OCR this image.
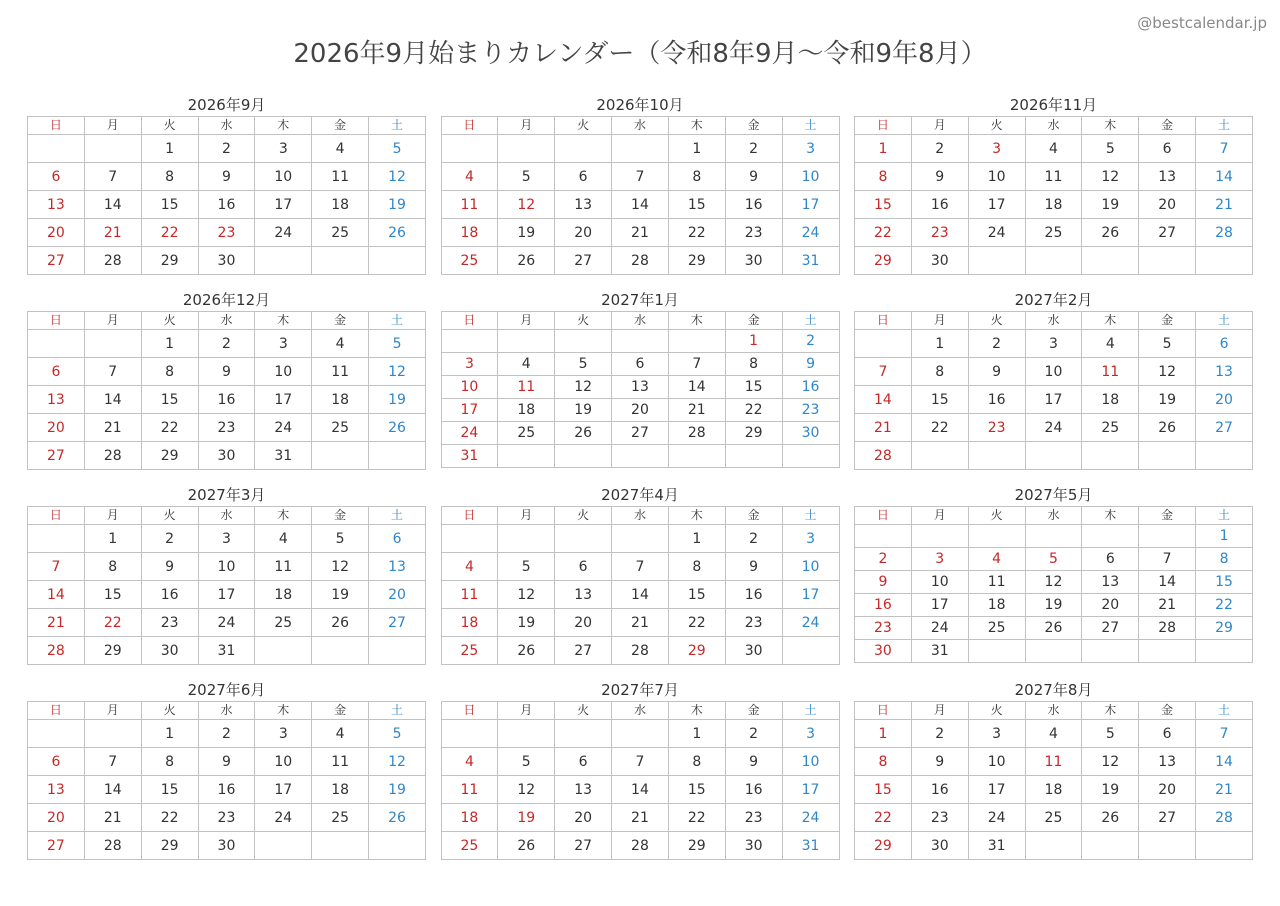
@bestcalendar.jp
2026年9月始まりカレンダー（令和8年9月〜令和9年8月）
2026年9月
日	月	火	水	木	金	土
		1	2	3	4	5
6	7	8	9	10	11	12
13	14	15	16	17	18	19
20	21	22	23	24	25	26
27	28	29	30			
2026年10月
日	月	火	水	木	金	土
				1	2	3
4	5	6	7	8	9	10
11	12	13	14	15	16	17
18	19	20	21	22	23	24
25	26	27	28	29	30	31
2026年11月
日	月	火	水	木	金	土
1	2	3	4	5	6	7
8	9	10	11	12	13	14
15	16	17	18	19	20	21
22	23	24	25	26	27	28
29	30					
2026年12月
日	月	火	水	木	金	土
		1	2	3	4	5
6	7	8	9	10	11	12
13	14	15	16	17	18	19
20	21	22	23	24	25	26
27	28	29	30	31		
2027年1月
日	月	火	水	木	金	土
					1	2
3	4	5	6	7	8	9
10	11	12	13	14	15	16
17	18	19	20	21	22	23
24	25	26	27	28	29	30
31						
2027年2月
日	月	火	水	木	金	土
	1	2	3	4	5	6
7	8	9	10	11	12	13
14	15	16	17	18	19	20
21	22	23	24	25	26	27
28						
2027年3月
日	月	火	水	木	金	土
	1	2	3	4	5	6
7	8	9	10	11	12	13
14	15	16	17	18	19	20
21	22	23	24	25	26	27
28	29	30	31			
2027年4月
日	月	火	水	木	金	土
				1	2	3
4	5	6	7	8	9	10
11	12	13	14	15	16	17
18	19	20	21	22	23	24
25	26	27	28	29	30	
2027年5月
日	月	火	水	木	金	土
						1
2	3	4	5	6	7	8
9	10	11	12	13	14	15
16	17	18	19	20	21	22
23	24	25	26	27	28	29
30	31					
2027年6月
日	月	火	水	木	金	土
		1	2	3	4	5
6	7	8	9	10	11	12
13	14	15	16	17	18	19
20	21	22	23	24	25	26
27	28	29	30			
2027年7月
日	月	火	水	木	金	土
				1	2	3
4	5	6	7	8	9	10
11	12	13	14	15	16	17
18	19	20	21	22	23	24
25	26	27	28	29	30	31
2027年8月
日	月	火	水	木	金	土
1	2	3	4	5	6	7
8	9	10	11	12	13	14
15	16	17	18	19	20	21
22	23	24	25	26	27	28
29	30	31				
